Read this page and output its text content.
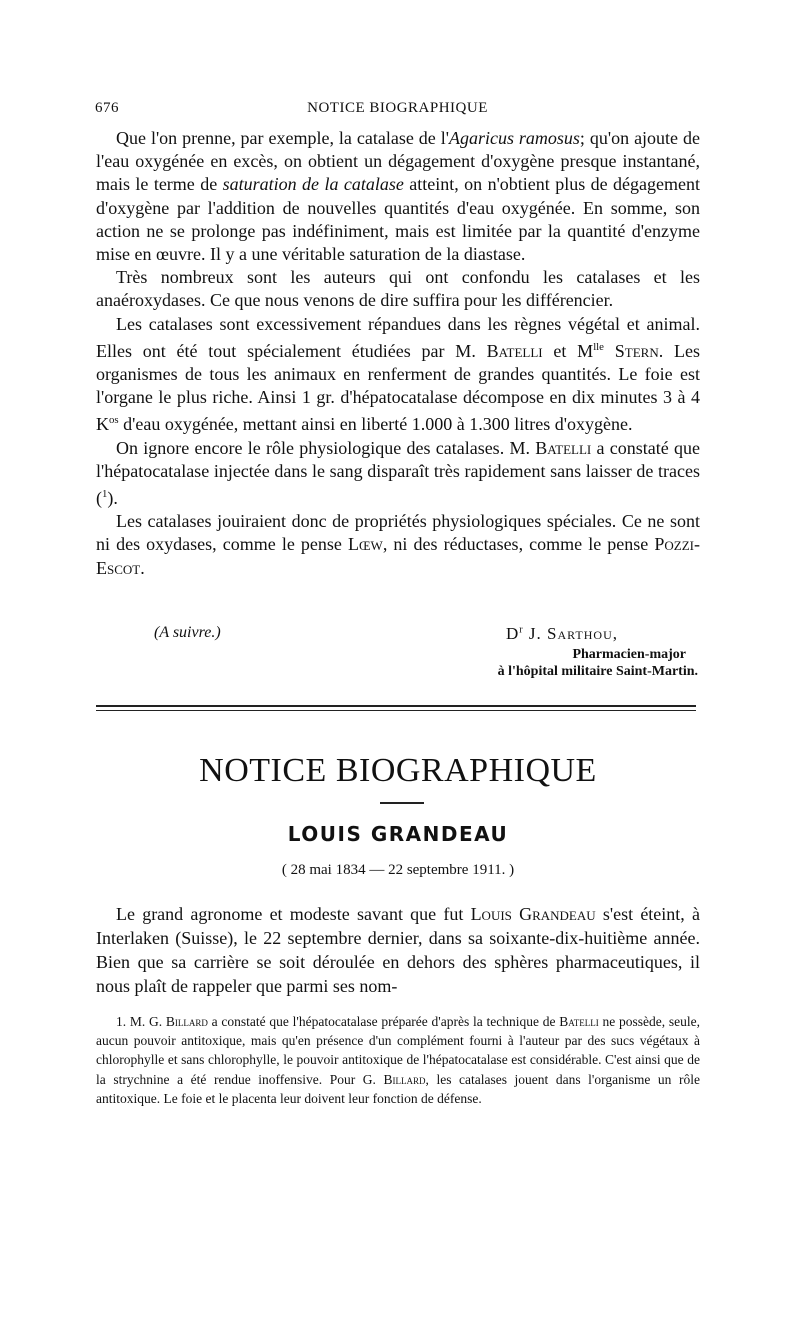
676	NOTICE BIOGRAPHIQUE

Que l'on prenne, par exemple, la catalase de l'Agaricus ramosus; qu'on ajoute de l'eau oxygénée en excès, on obtient un dégagement d'oxygène presque instantané, mais le terme de saturation de la catalase atteint, on n'obtient plus de dégagement d'oxygène par l'addition de nouvelles quantités d'eau oxygénée. En somme, son action ne se prolonge pas indéfiniment, mais est limitée par la quantité d'enzyme mise en œuvre. Il y a une véritable saturation de la diastase.

Très nombreux sont les auteurs qui ont confondu les catalases et les anaéroxydases. Ce que nous venons de dire suffira pour les différencier.

Les catalases sont excessivement répandues dans les règnes végétal et animal. Elles ont été tout spécialement étudiées par M. Batelli et $M^{lle}$ Stern. Les organismes de tous les animaux en renferment de grandes quantités. Le foie est l'organe le plus riche. Ainsi 1 gr. d'hépatocatalase décompose en dix minutes 3 à 4 $K^{os}$ d'eau oxygénée, mettant ainsi en liberté 1.000 à 1.300 litres d'oxygène.

On ignore encore le rôle physiologique des catalases. M. Batelli a constaté que l'hépatocatalase injectée dans le sang disparaît très rapidement sans laisser de traces ($^1$).

Les catalases jouiraient donc de propriétés physiologiques spéciales. Ce ne sont ni des oxydases, comme le pense Lœw, ni des réductases, comme le pense Pozzi-Escot.

(A suivre.)	$D^r$ J. Sarthou,
Pharmacien-major
à l'hôpital militaire Saint-Martin.
NOTICE BIOGRAPHIQUE
LOUIS GRANDEAU
( 28 mai 1834 — 22 septembre 1911. )

Le grand agronome et modeste savant que fut Louis Grandeau s'est éteint, à Interlaken (Suisse), le 22 septembre dernier, dans sa soixante-dix-huitième année. Bien que sa carrière se soit déroulée en dehors des sphères pharmaceutiques, il nous plaît de rappeler que parmi ses nom-

1. M. G. Billard a constaté que l'hépatocatalase préparée d'après la technique de Batelli ne possède, seule, aucun pouvoir antitoxique, mais qu'en présence d'un complément fourni à l'auteur par des sucs végétaux à chlorophylle et sans chlorophylle, le pouvoir antitoxique de l'hépatocatalase est considérable. C'est ainsi que de la strychnine a été rendue inoffensive. Pour G. Billard, les catalases jouent dans l'organisme un rôle antitoxique. Le foie et le placenta leur doivent leur fonction de défense.
